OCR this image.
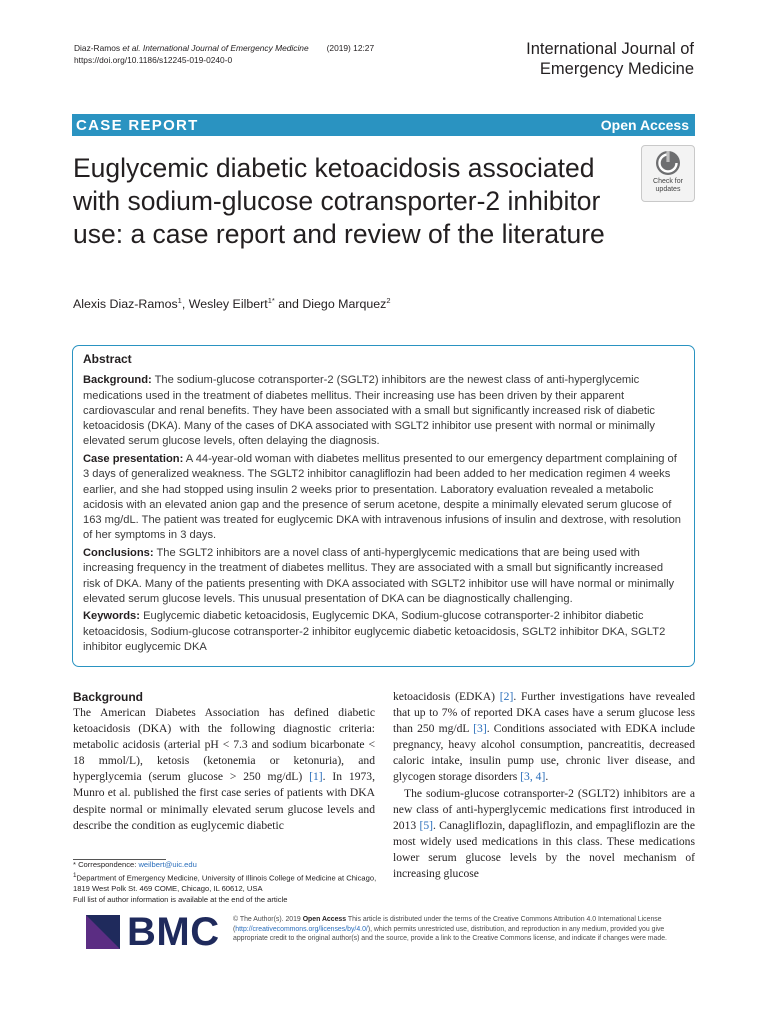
Diaz-Ramos et al. International Journal of Emergency Medicine (2019) 12:27
https://doi.org/10.1186/s12245-019-0240-0
International Journal of
Emergency Medicine
CASE REPORT	Open Access
Euglycemic diabetic ketoacidosis associated with sodium-glucose cotransporter-2 inhibitor use: a case report and review of the literature
Check for
updates
Alexis Diaz-Ramos$^1$, Wesley Eilbert$^{1*}$ and Diego Marquez$^2$
Abstract

Background: The sodium-glucose cotransporter-2 (SGLT2) inhibitors are the newest class of anti-hyperglycemic medications used in the treatment of diabetes mellitus. Their increasing use has been driven by their apparent cardiovascular and renal benefits. They have been associated with a small but significantly increased risk of diabetic ketoacidosis (DKA). Many of the cases of DKA associated with SGLT2 inhibitor use present with normal or minimally elevated serum glucose levels, often delaying the diagnosis.

Case presentation: A 44-year-old woman with diabetes mellitus presented to our emergency department complaining of 3 days of generalized weakness. The SGLT2 inhibitor canagliflozin had been added to her medication regimen 4 weeks earlier, and she had stopped using insulin 2 weeks prior to presentation. Laboratory evaluation revealed a metabolic acidosis with an elevated anion gap and the presence of serum acetone, despite a minimally elevated serum glucose of 163 mg/dL. The patient was treated for euglycemic DKA with intravenous infusions of insulin and dextrose, with resolution of her symptoms in 3 days.

Conclusions: The SGLT2 inhibitors are a novel class of anti-hyperglycemic medications that are being used with increasing frequency in the treatment of diabetes mellitus. They are associated with a small but significantly increased risk of DKA. Many of the patients presenting with DKA associated with SGLT2 inhibitor use will have normal or minimally elevated serum glucose levels. This unusual presentation of DKA can be diagnostically challenging.

Keywords: Euglycemic diabetic ketoacidosis, Euglycemic DKA, Sodium-glucose cotransporter-2 inhibitor diabetic ketoacidosis, Sodium-glucose cotransporter-2 inhibitor euglycemic diabetic ketoacidosis, SGLT2 inhibitor DKA, SGLT2 inhibitor euglycemic DKA

Background

The American Diabetes Association has defined diabetic ketoacidosis (DKA) with the following diagnostic criteria: metabolic acidosis (arterial pH < 7.3 and sodium bicarbonate < 18 mmol/L), ketosis (ketonemia or ketonuria), and hyperglycemia (serum glucose > 250 mg/dL) [1]. In 1973, Munro et al. published the first case series of patients with DKA despite normal or minimally elevated serum glucose levels and describe the condition as euglycemic diabetic

ketoacidosis (EDKA) [2]. Further investigations have revealed that up to 7% of reported DKA cases have a serum glucose less than 250 mg/dL [3]. Conditions associated with EDKA include pregnancy, heavy alcohol consumption, pancreatitis, decreased caloric intake, insulin pump use, chronic liver disease, and glycogen storage disorders [3, 4].

The sodium-glucose cotransporter-2 (SGLT2) inhibitors are a new class of anti-hyperglycemic medications first introduced in 2013 [5]. Canagliflozin, dapagliflozin, and empagliflozin are the most widely used medications in this class. These medications lower serum glucose levels by the novel mechanism of increasing glucose

* Correspondence: weilbert@uic.edu
$^1$Department of Emergency Medicine, University of Illinois College of Medicine at Chicago, 1819 West Polk St. 469 COME, Chicago, IL 60612, USA
Full list of author information is available at the end of the article
BMC © The Author(s). 2019 Open Access This article is distributed under the terms of the Creative Commons Attribution 4.0 International License (http://creativecommons.org/licenses/by/4.0/), which permits unrestricted use, distribution, and reproduction in any medium, provided you give appropriate credit to the original author(s) and the source, provide a link to the Creative Commons license, and indicate if changes were made.
